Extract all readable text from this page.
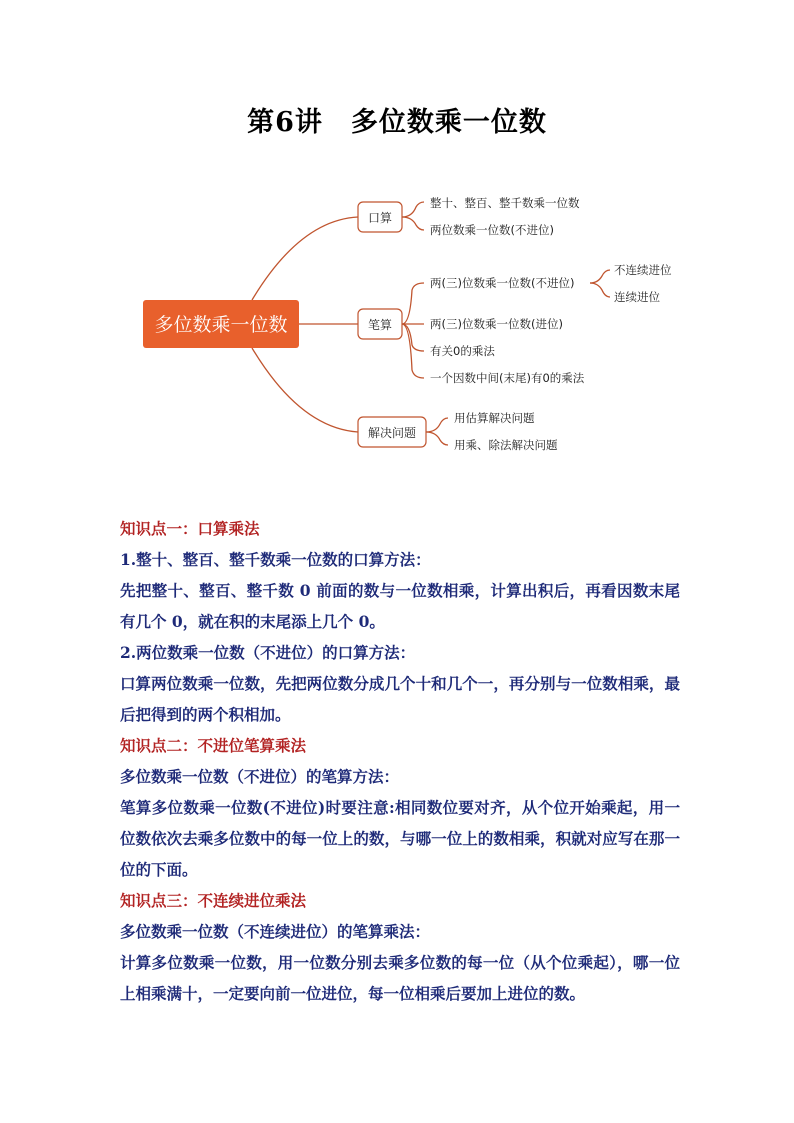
第6讲 多位数乘一位数
多位数乘一位数
口算
笔算
解决问题
整十、整百、整千数乘一位数
两位数乘一位数(不进位)
两(三)位数乘一位数(不进位)
两(三)位数乘一位数(进位)
有关0的乘法
一个因数中间(末尾)有0的乘法
不连续进位
连续进位
用估算解决问题
用乘、除法解决问题
知识点一：口算乘法
1.整十、整百、整千数乘一位数的口算方法：
先把整十、整百、整千数 0 前面的数与一位数相乘，计算出积后，再看因数末尾有几个 0，就在积的末尾添上几个 0。
2.两位数乘一位数（不进位）的口算方法：
口算两位数乘一位数，先把两位数分成几个十和几个一，再分别与一位数相乘，最后把得到的两个积相加。
知识点二：不进位笔算乘法
多位数乘一位数（不进位）的笔算方法：
笔算多位数乘一位数(不进位)时要注意:相同数位要对齐，从个位开始乘起，用一位数依次去乘多位数中的每一位上的数，与哪一位上的数相乘，积就对应写在那一位的下面。
知识点三：不连续进位乘法
多位数乘一位数（不连续进位）的笔算乘法：
计算多位数乘一位数，用一位数分别去乘多位数的每一位（从个位乘起），哪一位上相乘满十，一定要向前一位进位，每一位相乘后要加上进位的数。
